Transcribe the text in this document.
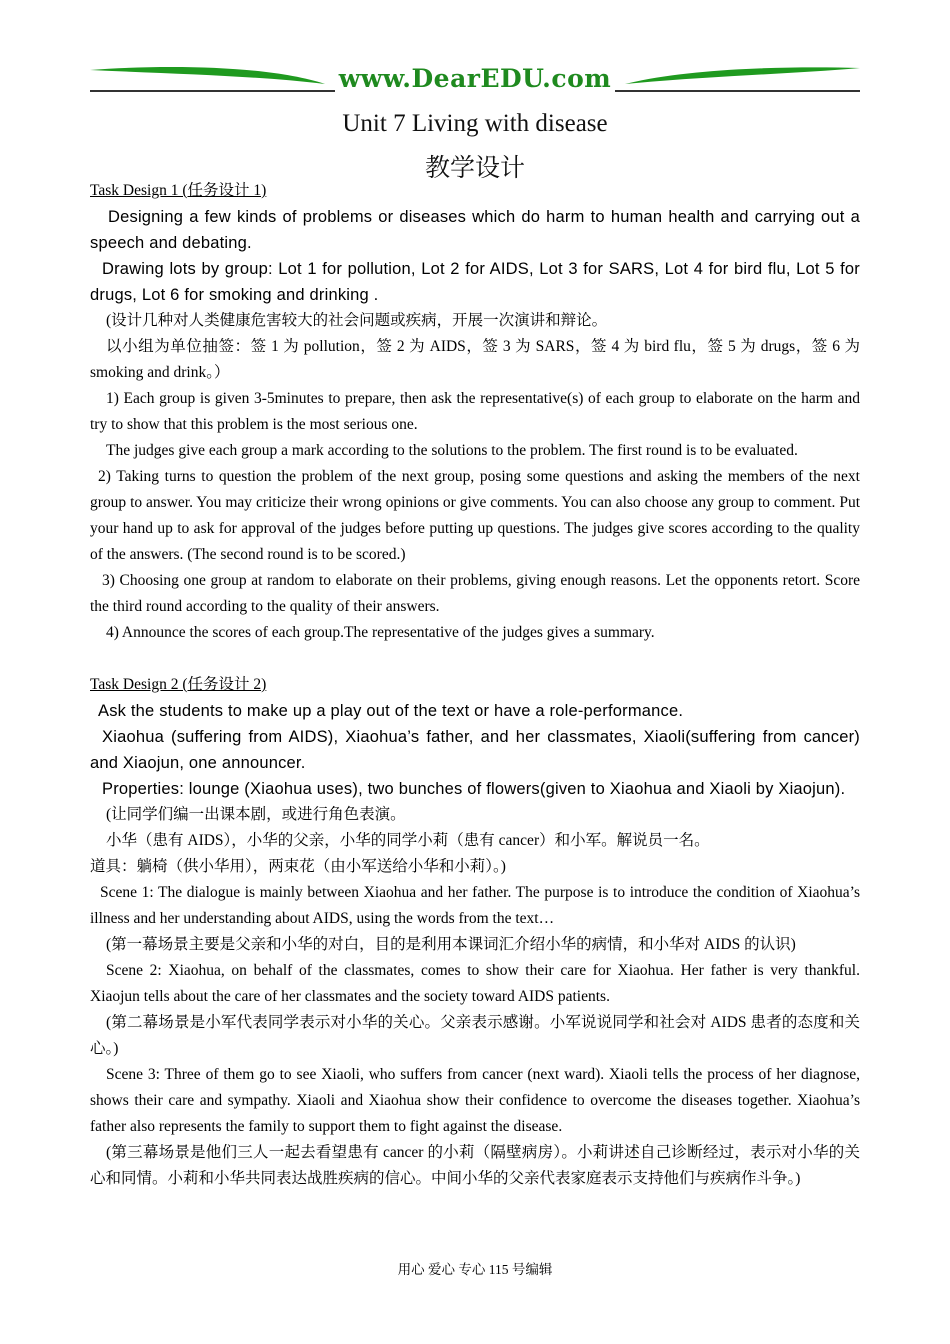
www.DearEDU.com
Unit 7 Living with disease
教学设计

Task Design 1 (任务设计 1)

Designing a few kinds of problems or diseases which do harm to human health and carrying out a speech and debating.

Drawing lots by group: Lot 1 for pollution, Lot 2 for AIDS, Lot 3 for SARS, Lot 4 for bird flu, Lot 5 for drugs, Lot 6 for smoking and drinking .

(设计几种对人类健康危害较大的社会问题或疾病，开展一次演讲和辩论。

以小组为单位抽签：签 1 为 pollution，签 2 为 AIDS，签 3 为 SARS，签 4 为 bird flu，签 5 为 drugs，签 6 为 smoking and drink。）

1) Each group is given 3-5minutes to prepare, then ask the representative(s) of each group to elaborate on the harm and try to show that this problem is the most serious one.

The judges give each group a mark according to the solutions to the problem. The first round is to be evaluated.

2) Taking turns to question the problem of the next group, posing some questions and asking the members of the next group to answer. You may criticize their wrong opinions or give comments. You can also choose any group to comment. Put your hand up to ask for approval of the judges before putting up questions. The judges give scores according to the quality of the answers. (The second round is to be scored.)

3) Choosing one group at random to elaborate on their problems, giving enough reasons. Let the opponents retort. Score the third round according to the quality of their answers.

4) Announce the scores of each group.The representative of the judges gives a summary.

Task Design 2 (任务设计 2)

Ask the students to make up a play out of the text or have a role-performance.

Xiaohua (suffering from AIDS), Xiaohua’s father, and her classmates, Xiaoli(suffering from cancer) and Xiaojun, one announcer.

Properties: lounge (Xiaohua uses), two bunches of flowers(given to Xiaohua and Xiaoli by Xiaojun).

(让同学们编一出课本剧，或进行角色表演。

小华（患有 AIDS），小华的父亲，小华的同学小莉（患有 cancer）和小军。解说员一名。

道具：躺椅（供小华用），两束花（由小军送给小华和小莉）。)

Scene 1: The dialogue is mainly between Xiaohua and her father. The purpose is to introduce the condition of Xiaohua’s illness and her understanding about AIDS, using the words from the text…

(第一幕场景主要是父亲和小华的对白，目的是利用本课词汇介绍小华的病情，和小华对 AIDS 的认识)

Scene 2: Xiaohua, on behalf of the classmates, comes to show their care for Xiaohua. Her father is very thankful. Xiaojun tells about the care of her classmates and the society toward AIDS patients.

(第二幕场景是小军代表同学表示对小华的关心。父亲表示感谢。小军说说同学和社会对 AIDS 患者的态度和关心。)

Scene 3: Three of them go to see Xiaoli, who suffers from cancer (next ward). Xiaoli tells the process of her diagnose, shows their care and sympathy. Xiaoli and Xiaohua show their confidence to overcome the diseases together. Xiaohua’s father also represents the family to support them to fight against the disease.

(第三幕场景是他们三人一起去看望患有 cancer 的小莉（隔壁病房）。小莉讲述自己诊断经过，表示对小华的关心和同情。小莉和小华共同表达战胜疾病的信心。中间小华的父亲代表家庭表示支持他们与疾病作斗争。)

用心 爱心 专心 115 号编辑
